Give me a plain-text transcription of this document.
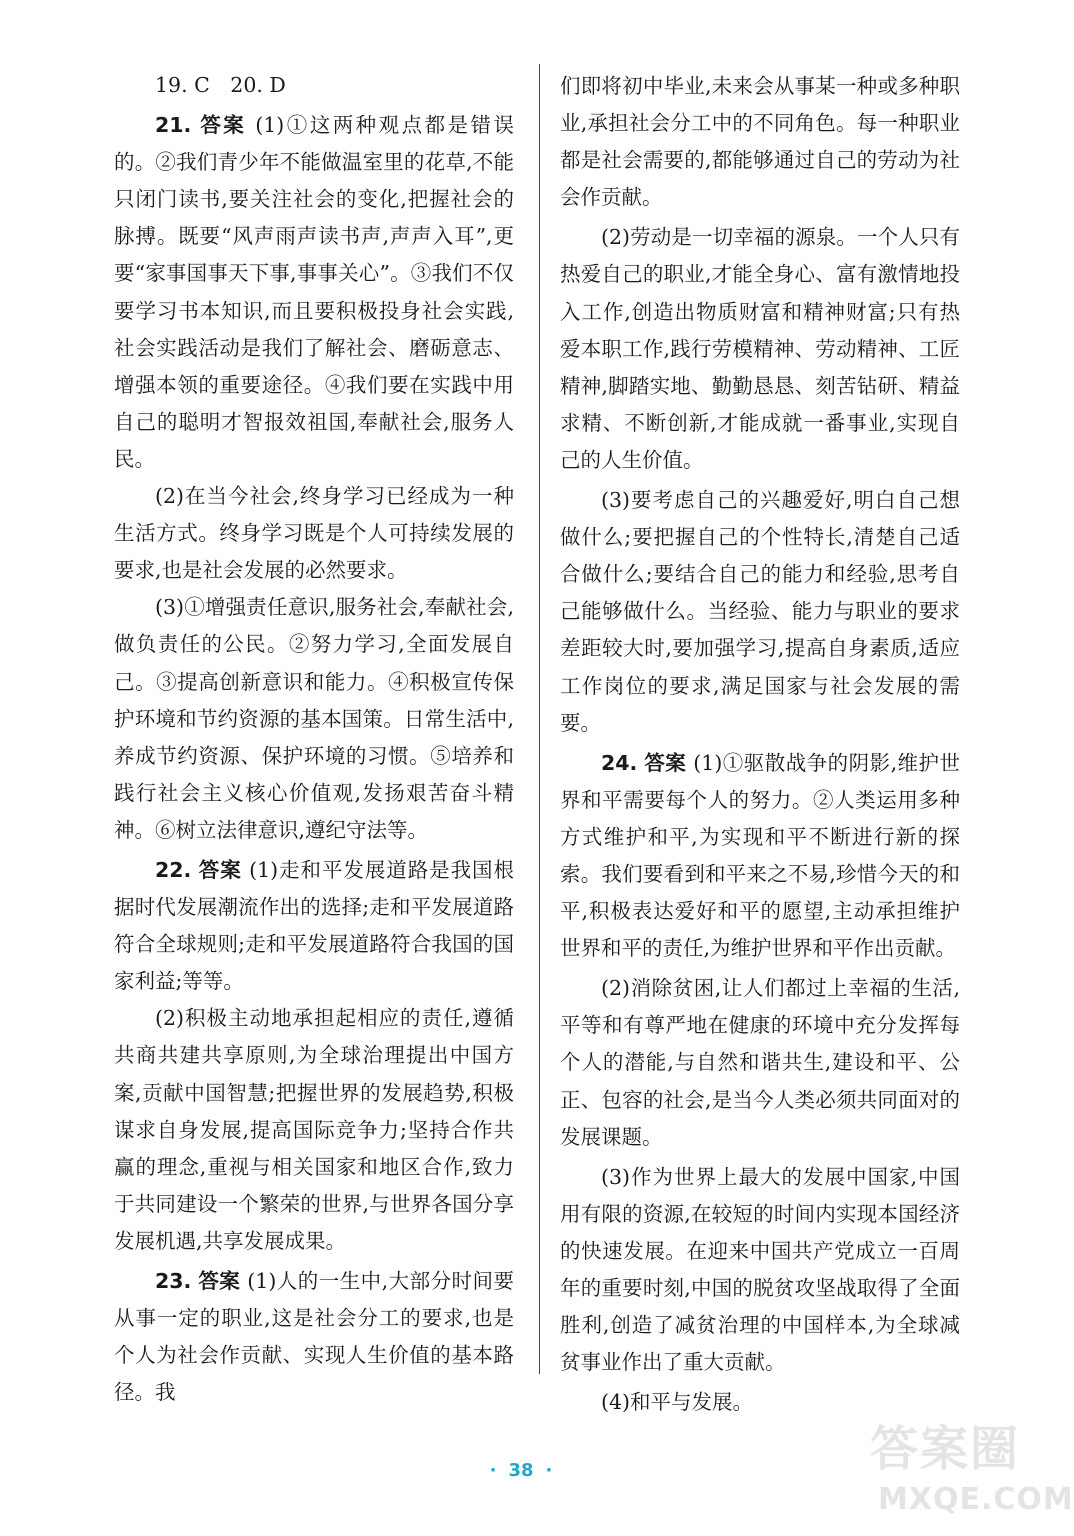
19. C　20. D

21. 答案 (1)①这两种观点都是错误的。②我们青少年不能做温室里的花草,不能只闭门读书,要关注社会的变化,把握社会的脉搏。既要“风声雨声读书声,声声入耳”,更要“家事国事天下事,事事关心”。③我们不仅要学习书本知识,而且要积极投身社会实践,社会实践活动是我们了解社会、磨砺意志、增强本领的重要途径。④我们要在实践中用自己的聪明才智报效祖国,奉献社会,服务人民。

(2)在当今社会,终身学习已经成为一种生活方式。终身学习既是个人可持续发展的要求,也是社会发展的必然要求。

(3)①增强责任意识,服务社会,奉献社会,做负责任的公民。②努力学习,全面发展自己。③提高创新意识和能力。④积极宣传保护环境和节约资源的基本国策。日常生活中,养成节约资源、保护环境的习惯。⑤培养和践行社会主义核心价值观,发扬艰苦奋斗精神。⑥树立法律意识,遵纪守法等。

22. 答案 (1)走和平发展道路是我国根据时代发展潮流作出的选择;走和平发展道路符合全球规则;走和平发展道路符合我国的国家利益;等等。

(2)积极主动地承担起相应的责任,遵循共商共建共享原则,为全球治理提出中国方案,贡献中国智慧;把握世界的发展趋势,积极谋求自身发展,提高国际竞争力;坚持合作共赢的理念,重视与相关国家和地区合作,致力于共同建设一个繁荣的世界,与世界各国分享发展机遇,共享发展成果。

23. 答案 (1)人的一生中,大部分时间要从事一定的职业,这是社会分工的要求,也是个人为社会作贡献、实现人生价值的基本路径。我

们即将初中毕业,未来会从事某一种或多种职业,承担社会分工中的不同角色。每一种职业都是社会需要的,都能够通过自己的劳动为社会作贡献。

(2)劳动是一切幸福的源泉。一个人只有热爱自己的职业,才能全身心、富有激情地投入工作,创造出物质财富和精神财富;只有热爱本职工作,践行劳模精神、劳动精神、工匠精神,脚踏实地、勤勤恳恳、刻苦钻研、精益求精、不断创新,才能成就一番事业,实现自己的人生价值。

(3)要考虑自己的兴趣爱好,明白自己想做什么;要把握自己的个性特长,清楚自己适合做什么;要结合自己的能力和经验,思考自己能够做什么。当经验、能力与职业的要求差距较大时,要加强学习,提高自身素质,适应工作岗位的要求,满足国家与社会发展的需要。

24. 答案 (1)①驱散战争的阴影,维护世界和平需要每个人的努力。②人类运用多种方式维护和平,为实现和平不断进行新的探索。我们要看到和平来之不易,珍惜今天的和平,积极表达爱好和平的愿望,主动承担维护世界和平的责任,为维护世界和平作出贡献。

(2)消除贫困,让人们都过上幸福的生活,平等和有尊严地在健康的环境中充分发挥每个人的潜能,与自然和谐共生,建设和平、公正、包容的社会,是当今人类必须共同面对的发展课题。

(3)作为世界上最大的发展中国家,中国用有限的资源,在较短的时间内实现本国经济的快速发展。在迎来中国共产党成立一百周年的重要时刻,中国的脱贫攻坚战取得了全面胜利,创造了减贫治理的中国样本,为全球减贫事业作出了重大贡献。

(4)和平与发展。

· 38 ·	答案圈
MXQE.COM
